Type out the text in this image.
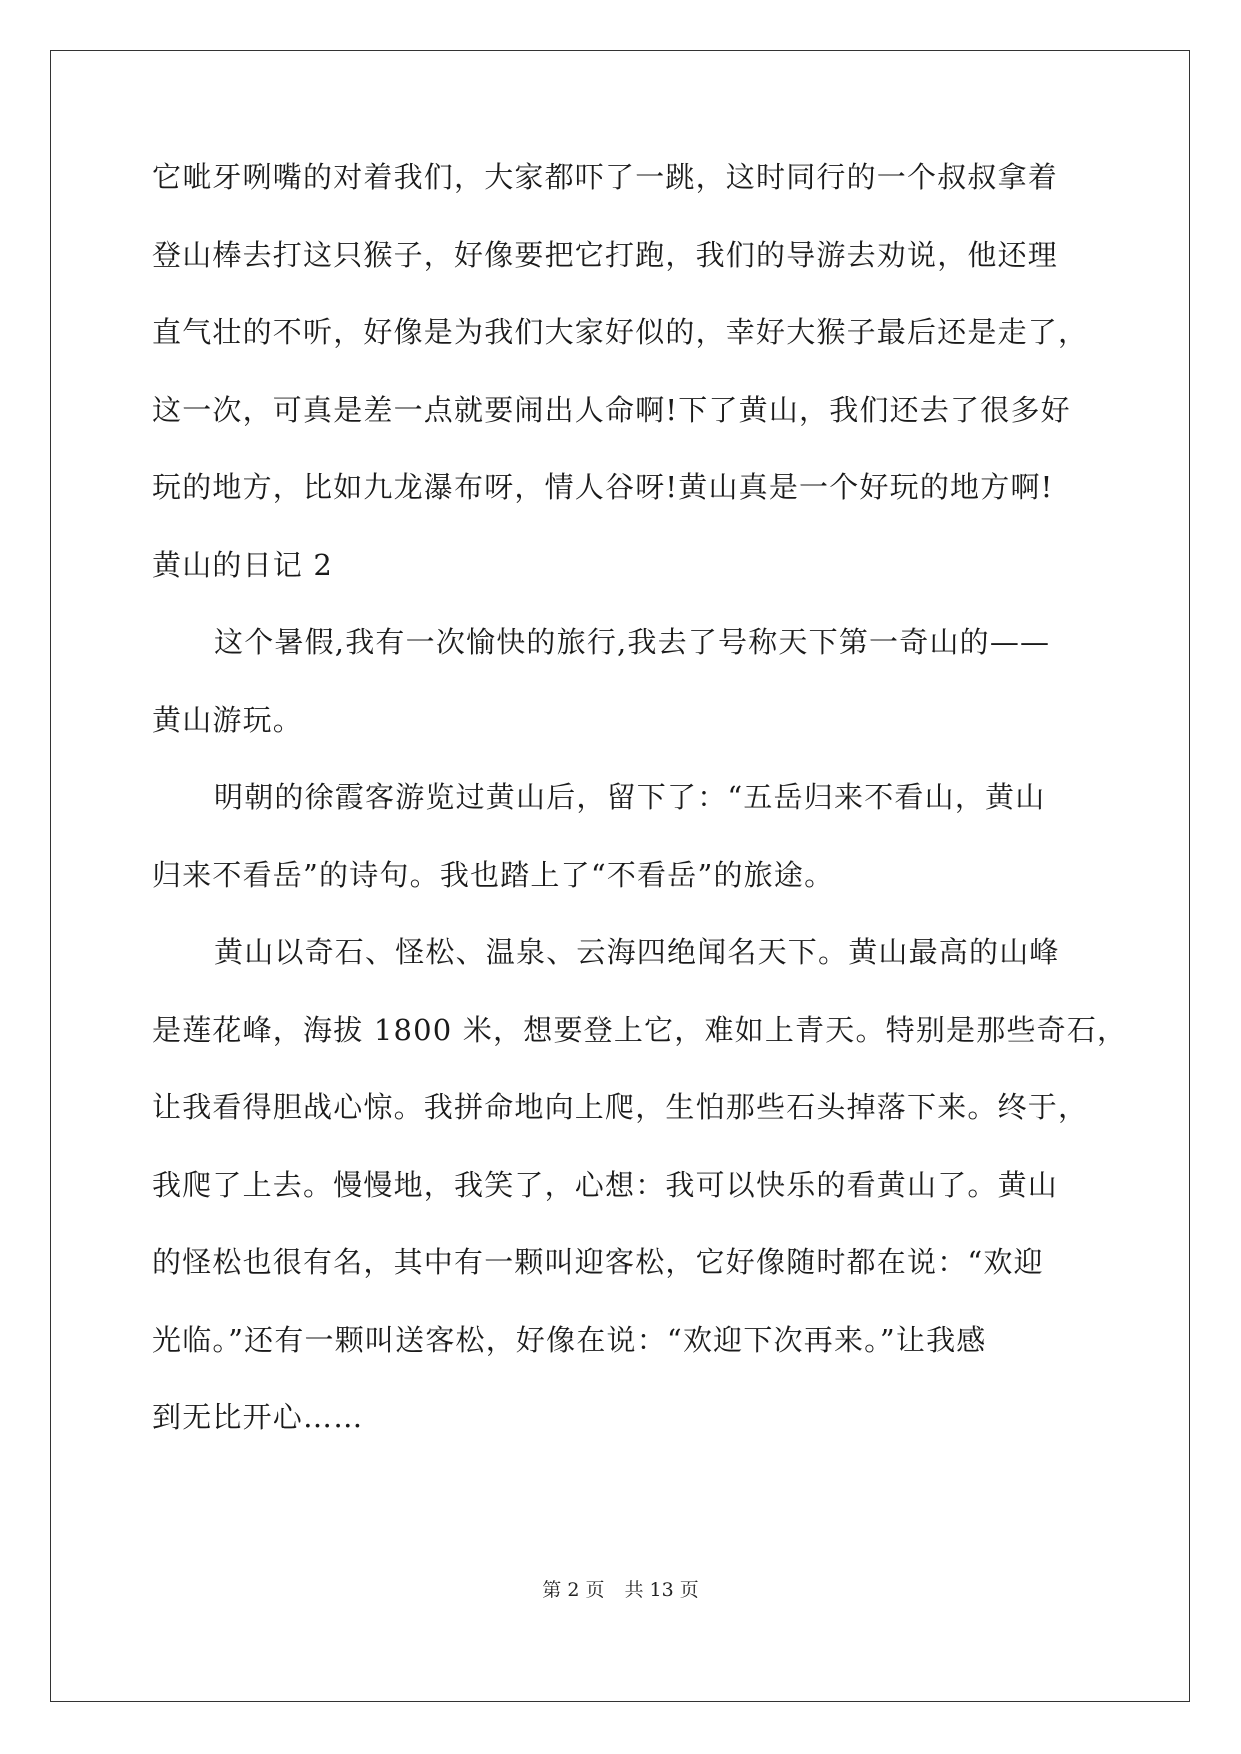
它呲牙咧嘴的对着我们，大家都吓了一跳，这时同行的一个叔叔拿着
登山棒去打这只猴子，好像要把它打跑，我们的导游去劝说，他还理
直气壮的不听，好像是为我们大家好似的，幸好大猴子最后还是走了，
这一次，可真是差一点就要闹出人命啊!下了黄山，我们还去了很多好
玩的地方，比如九龙瀑布呀，情人谷呀!黄山真是一个好玩的地方啊!
黄山的日记 2
这个暑假,我有一次愉快的旅行,我去了号称天下第一奇山的——
黄山游玩。
明朝的徐霞客游览过黄山后，留下了：“五岳归来不看山，黄山
归来不看岳”的诗句。我也踏上了“不看岳”的旅途。
黄山以奇石、怪松、温泉、云海四绝闻名天下。黄山最高的山峰
是莲花峰，海拔 1800 米，想要登上它，难如上青天。特别是那些奇石，
让我看得胆战心惊。我拼命地向上爬，生怕那些石头掉落下来。终于，
我爬了上去。慢慢地，我笑了，心想：我可以快乐的看黄山了。黄山
的怪松也很有名，其中有一颗叫迎客松，它好像随时都在说：“欢迎
光临。”还有一颗叫送客松，好像在说：“欢迎下次再来。”让我感
到无比开心……
第 2 页 共 13 页
